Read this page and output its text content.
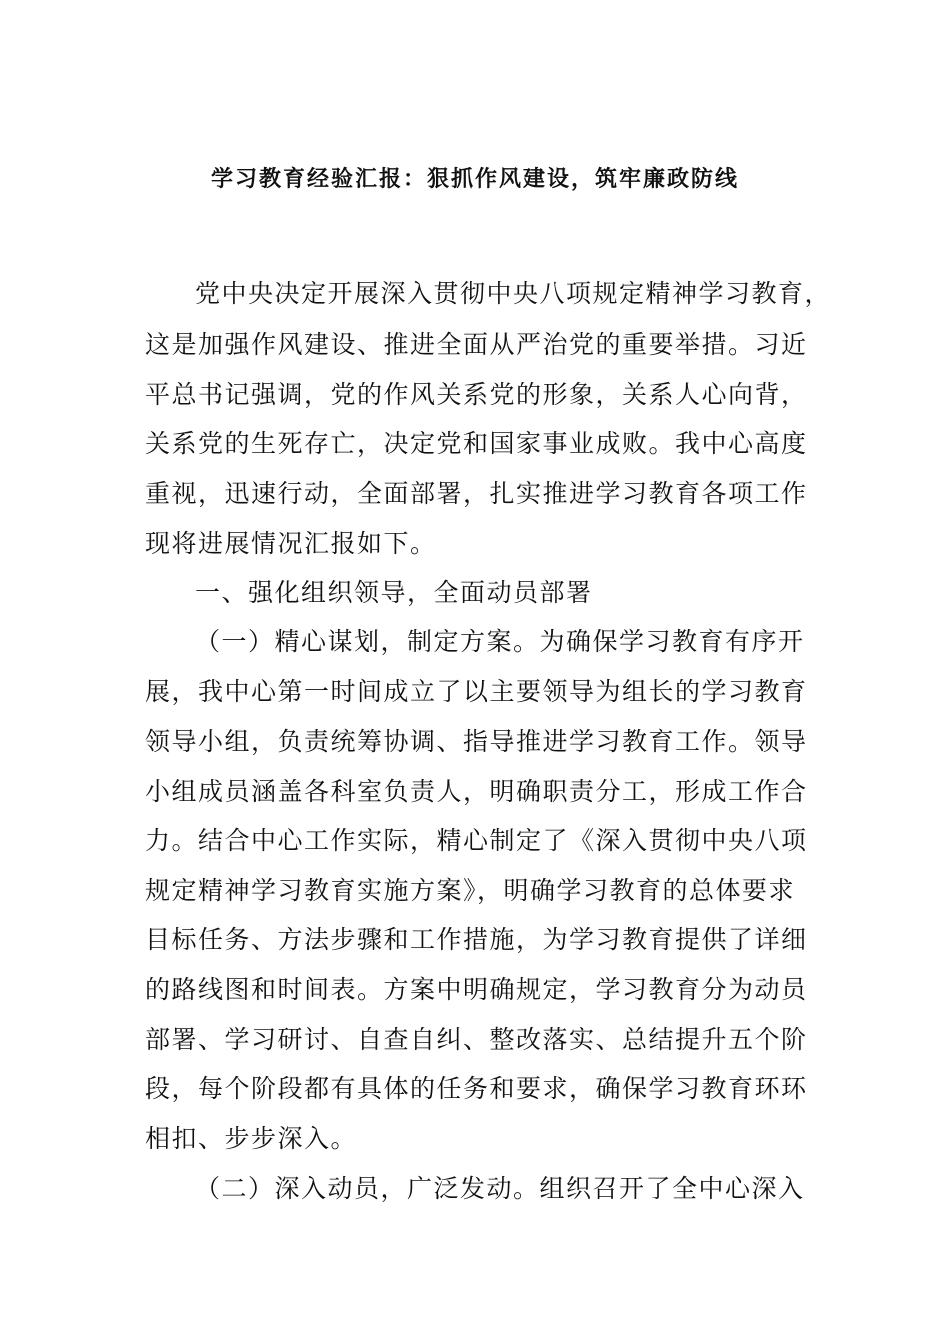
学习教育经验汇报：狠抓作风建设，筑牢廉政防线
党中央决定开展深入贯彻中央八项规定精神学习教育，
这是加强作风建设、推进全面从严治党的重要举措。习近
平总书记强调，党的作风关系党的形象，关系人心向背，
关系党的生死存亡，决定党和国家事业成败。我中心高度
重视，迅速行动，全面部署，扎实推进学习教育各项工作
现将进展情况汇报如下。
一、强化组织领导，全面动员部署
（一）精心谋划，制定方案。为确保学习教育有序开
展，我中心第一时间成立了以主要领导为组长的学习教育
领导小组，负责统筹协调、指导推进学习教育工作。领导
小组成员涵盖各科室负责人，明确职责分工，形成工作合
力。结合中心工作实际，精心制定了《深入贯彻中央八项
规定精神学习教育实施方案》，明确学习教育的总体要求
目标任务、方法步骤和工作措施，为学习教育提供了详细
的路线图和时间表。方案中明确规定，学习教育分为动员
部署、学习研讨、自查自纠、整改落实、总结提升五个阶
段，每个阶段都有具体的任务和要求，确保学习教育环环
相扣、步步深入。
（二）深入动员，广泛发动。组织召开了全中心深入
